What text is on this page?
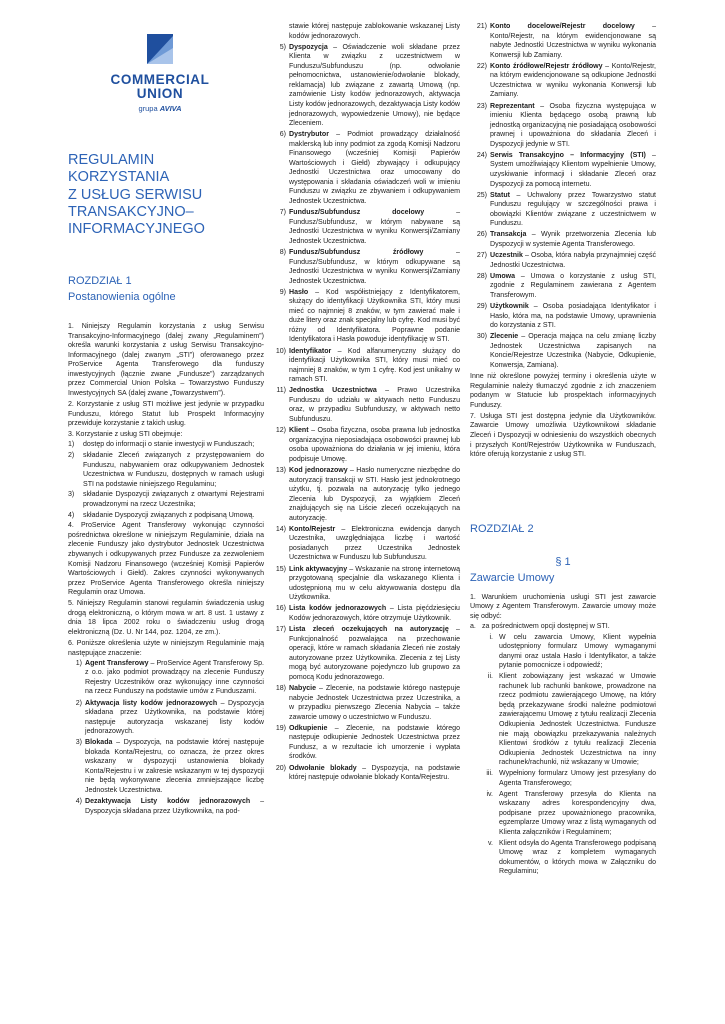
COMMERCIAL
UNION
grupa AVIVA
REGULAMIN
KORZYSTANIA
Z USŁUG SERWISU
TRANSAKCYJNO–
INFORMACYJNEGO
ROZDZIAŁ 1
Postanowienia ogólne

1. Niniejszy Regulamin korzystania z usług Serwisu Transakcyjno-Informacyjnego (dalej zwany „Regulaminem”) określa warunki korzystania z usług Serwisu Transakcyjno-Informacyjnego (dalej zwanym „STI”) oferowanego przez ProService Agenta Transferowego dla funduszy inwestycyjnych (łącznie zwane „Fundusze”) zarządzanych przez Commercial Union Polska – Towarzystwo Funduszy Inwestycyjnych SA (dalej zwane „Towarzystwem”).

2. Korzystanie z usług STI możliwe jest jedynie w przypadku Funduszu, którego Statut lub Prospekt Informacyjny przewiduje korzystanie z takich usług.

3. Korzystanie z usług STI obejmuje:

1)	dostęp do informacji o stanie inwestycji w Funduszach;
2)	składanie Zleceń związanych z przystępowaniem do Funduszu, nabywaniem oraz odkupywaniem Jednostek Uczestnictwa w Funduszu, dostępnych w ramach usługi STI na podstawie niniejszego Regulaminu;
3)	składanie Dyspozycji związanych z otwartymi Rejestrami prowadzonymi na rzecz Uczestnika;
4)	składanie Dyspozycji związanych z podpisaną Umową.

4. ProService Agent Transferowy wykonując czynności pośrednictwa określone w niniejszym Regulaminie, działa na zlecenie Funduszy jako dystrybutor Jednostek Uczestnictwa zbywanych i odkupywanych przez Fundusze za zezwoleniem Komisji Nadzoru Finansowego (wcześniej Komisji Papierów Wartościowych i Giełd). Zakres czynności wykonywanych przez ProService Agenta Transferowego określa niniejszy Regulamin oraz Umowa.

5. Niniejszy Regulamin stanowi regulamin świadczenia usług drogą elektroniczną, o którym mowa w art. 8 ust. 1 ustawy z dnia 18 lipca 2002 roku o świadczeniu usług drogą elektroniczną (Dz. U. Nr 144, poz. 1204, ze zm.).

6. Poniższe określenia użyte w niniejszym Regulaminie mają następujące znaczenie:

1) Agent Transferowy – ProService Agent Transferowy Sp. z o.o. jako podmiot prowadzący na zlecenie Funduszy Rejestry Uczestników oraz wykonujący inne czynności na rzecz Funduszy na podstawie umów z Funduszami.
2) Aktywacja listy kodów jednorazowych – Dyspozycja składana przez Użytkownika, na podstawie której następuje autoryzacja wskazanej listy kodów jednorazowych.
3) Blokada – Dyspozycja, na podstawie której następuje blokada Konta/Rejestru, co oznacza, że przez okres wskazany w dyspozycji ustanowienia blokady Konta/Rejestru i w zakresie wskazanym w tej dyspozycji nie będą wykonywane zlecenia zmniejszające liczbę Jednostek Uczestnictwa.
4) Dezaktywacja Listy kodów jednorazowych – Dyspozycja składana przez Użytkownika, na pod-

stawie której następuje zablokowanie wskazanej Listy kodów jednorazowych.

5) Dyspozycja – Oświadczenie woli składane przez Klienta w związku z uczestnictwem w Funduszu/Subfunduszu (np. odwołanie pełnomocnictwa, ustanowienie/odwołanie blokady, reklamacja) lub związane z zawartą Umową (np. zamówienie Listy kodów jednorazowych, aktywacja Listy kodów jednorazowych, dezaktywacja Listy kodów jednorazowych, wypowiedzenie Umowy), nie będące Zleceniem.
6) Dystrybutor – Podmiot prowadzący działalność maklerską lub inny podmiot za zgodą Komisji Nadzoru Finansowego (wcześniej Komisji Papierów Wartościowych i Giełd) zbywający i odkupujący Jednostki Uczestnictwa oraz umocowany do występowania i składania oświadczeń woli w imieniu Funduszu w związku ze zbywaniem i odkupywaniem Jednostek Uczestnictwa.
7) Fundusz/Subfundusz docelowy – Fundusz/Subfundusz, w którym nabywane są Jednostki Uczestnictwa w wyniku Konwersji/Zamiany Jednostek Uczestnictwa.
8) Fundusz/Subfundusz źródłowy – Fundusz/Subfundusz, w którym odkupywane są Jednostki Uczestnictwa w wyniku Konwersji/Zamiany Jednostek Uczestnictwa.
9) Hasło – Kod współistniejący z Identyfikatorem, służący do identyfikacji Użytkownika STI, który musi mieć co najmniej 8 znaków, w tym zawierać małe i duże litery oraz znak specjalny lub cyfrę. Kod musi być różny od Identyfikatora. Poprawne podanie Identyfikatora i Hasła powoduje identyfikację w STI.
10) Identyfikator – Kod alfanumeryczny służący do identyfikacji Użytkownika STI, który musi mieć co najmniej 8 znaków, w tym 1 cyfrę. Kod jest unikalny w ramach STI.
11) Jednostka Uczestnictwa – Prawo Uczestnika Funduszu do udziału w aktywach netto Funduszu oraz, w przypadku Subfunduszy, w aktywach netto Subfunduszu.
12) Klient – Osoba fizyczna, osoba prawna lub jednostka organizacyjna nieposiadająca osobowości prawnej lub osoba upoważniona do działania w jej imieniu, która podpisuje Umowę.
13) Kod jednorazowy – Hasło numeryczne niezbędne do autoryzacji transakcji w STI. Hasło jest jednokrotnego użytku, tj. pozwala na autoryzację tylko jednego Zlecenia lub Dyspozycji, za wyjątkiem Zleceń znajdujących się na Liście zleceń oczekujących na autoryzację.
14) Konto/Rejestr – Elektroniczna ewidencja danych Uczestnika, uwzględniająca liczbę i wartość posiadanych przez Uczestnika Jednostek Uczestnictwa w Funduszu lub Subfunduszu.
15) Link aktywacyjny – Wskazanie na stronę internetową przygotowaną specjalnie dla wskazanego Klienta i udostępnioną mu w celu aktywowania dostępu dla Użytkownika.
16) Lista kodów jednorazowych – Lista pięćdziesięciu Kodów jednorazowych, które otrzymuje Użytkownik.
17) Lista zleceń oczekujących na autoryzację – Funkcjonalność pozwalająca na przechowanie operacji, które w ramach składania Zleceń nie zostały autoryzowane przez Użytkownika. Zlecenia z tej Listy mogą być autoryzowane pojedynczo lub grupowo za pomocą Kodu jednorazowego.
18) Nabycie – Zlecenie, na podstawie którego następuje nabycie Jednostek Uczestnictwa przez Uczestnika, a w przypadku pierwszego Zlecenia Nabycia – także zawarcie umowy o uczestnictwo w Funduszu.
19) Odkupienie – Zlecenie, na podstawie którego następuje odkupienie Jednostek Uczestnictwa przez Fundusz, a w rezultacie ich umorzenie i wypłata środków.
20) Odwołanie blokady – Dyspozycja, na podstawie której następuje odwołanie blokady Konta/Rejestru.
21) Konto docelowe/Rejestr docelowy – Konto/Rejestr, na którym ewidencjonowane są nabyte Jednostki Uczestnictwa w wyniku wykonania Konwersji lub Zamiany.
22) Konto źródłowe/Rejestr źródłowy – Konto/Rejestr, na którym ewidencjonowane są odkupione Jednostki Uczestnictwa w wyniku wykonania Konwersji lub Zamiany.
23) Reprezentant – Osoba fizyczna występująca w imieniu Klienta będącego osobą prawną lub jednostką organizacyjną nie posiadającą osobowości prawnej i upoważniona do składania Zleceń i Dyspozycji jedynie w STI.
24) Serwis Transakcyjno – Informacyjny (STI) – System umożliwiający Klientom wypełnienie Umowy, uzyskiwanie informacji i składanie Zleceń oraz Dyspozycji za pomocą internetu.
25) Statut – Uchwalony przez Towarzystwo statut Funduszu regulujący w szczególności prawa i obowiązki Klientów związane z uczestnictwem w Funduszu.
26) Transakcja – Wynik przetworzenia Zlecenia lub Dyspozycji w systemie Agenta Transferowego.
27) Uczestnik – Osoba, która nabyła przynajmniej część Jednostki Uczestnictwa.
28) Umowa – Umowa o korzystanie z usług STI, zgodnie z Regulaminem zawierana z Agentem Transferowym.
29) Użytkownik – Osoba posiadająca Identyfikator i Hasło, która ma, na podstawie Umowy, uprawnienia do korzystania z STI.
30) Zlecenie – Operacja mająca na celu zmianę liczby Jednostek Uczestnictwa zapisanych na Koncie/Rejestrze Uczestnika (Nabycie, Odkupienie, Konwersja, Zamiana).

Inne niż określone powyżej terminy i określenia użyte w Regulaminie należy tłumaczyć zgodnie z ich znaczeniem podanym w Statucie lub prospektach informacyjnych Funduszy.

7. Usługa STI jest dostępna jedynie dla Użytkowników. Zawarcie Umowy umożliwia Użytkownikowi składanie Zleceń i Dyspozycji w odniesieniu do wszystkich obecnych i przyszłych Kont/Rejestrów Użytkownika w Funduszach, które oferują korzystanie z usług STI.

ROZDZIAŁ 2
§ 1
Zawarcie Umowy

1. Warunkiem uruchomienia usługi STI jest zawarcie Umowy z Agentem Transferowym. Zawarcie umowy może się odbyć:

a. za pośrednictwem opcji dostępnej w STI.
i. W celu zawarcia Umowy, Klient wypełnia udostępniony formularz Umowy wymaganymi danymi oraz ustala Hasło i Identyfikator, a także pytanie pomocnicze i odpowiedź;
ii. Klient zobowiązany jest wskazać w Umowie rachunek lub rachunki bankowe, prowadzone na rzecz podmiotu zawierającego Umowę, na który będą przekazywane środki należne podmiotowi zawierającemu Umowę z tytułu realizacji Zlecenia Odkupienia Jednostek Uczestnictwa. Fundusze nie mają obowiązku przekazywania należnych Klientowi środków z tytułu realizacji Zlecenia Odkupienia Jednostek Uczestnictwa na inny rachunek/rachunki, niż wskazany w Umowie;
iii. Wypełniony formularz Umowy jest przesyłany do Agenta Transferowego;
iv. Agent Transferowy przesyła do Klienta na wskazany adres korespondencyjny dwa, podpisane przez upoważnionego pracownika, egzemplarze Umowy wraz z listą wymaganych od Klienta załączników i Regulaminem;
v. Klient odsyła do Agenta Transferowego podpisaną Umowę wraz z kompletem wymaganych dokumentów, o których mowa w Załączniku do Regulaminu;
